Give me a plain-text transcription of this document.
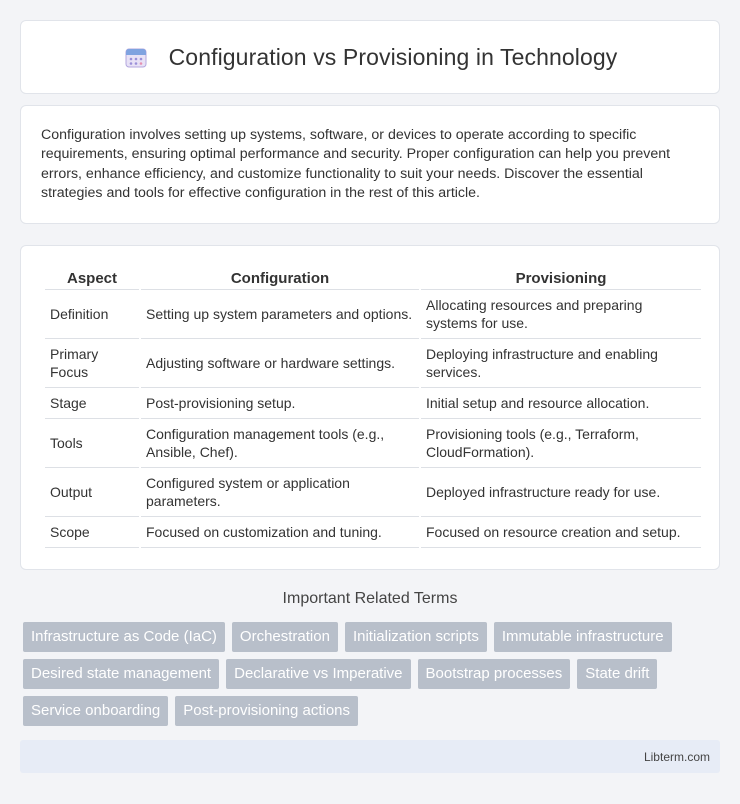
Configuration vs Provisioning in Technology

Configuration involves setting up systems, software, or devices to operate according to specific requirements, ensuring optimal performance and security. Proper configuration can help you prevent errors, enhance efficiency, and customize functionality to suit your needs. Discover the essential strategies and tools for effective configuration in the rest of this article.

Aspect	Configuration	Provisioning
Definition	Setting up system parameters and options.	Allocating resources and preparing systems for use.
Primary Focus	Adjusting software or hardware settings.	Deploying infrastructure and enabling services.
Stage	Post-provisioning setup.	Initial setup and resource allocation.
Tools	Configuration management tools (e.g., Ansible, Chef).	Provisioning tools (e.g., Terraform, CloudFormation).
Output	Configured system or application parameters.	Deployed infrastructure ready for use.
Scope	Focused on customization and tuning.	Focused on resource creation and setup.
Important Related Terms
Infrastructure as Code (IaC)	Orchestration	Initialization scripts	Immutable infrastructure
Desired state management	Declarative vs Imperative	Bootstrap processes	State drift
Service onboarding	Post-provisioning actions
Libterm.com
